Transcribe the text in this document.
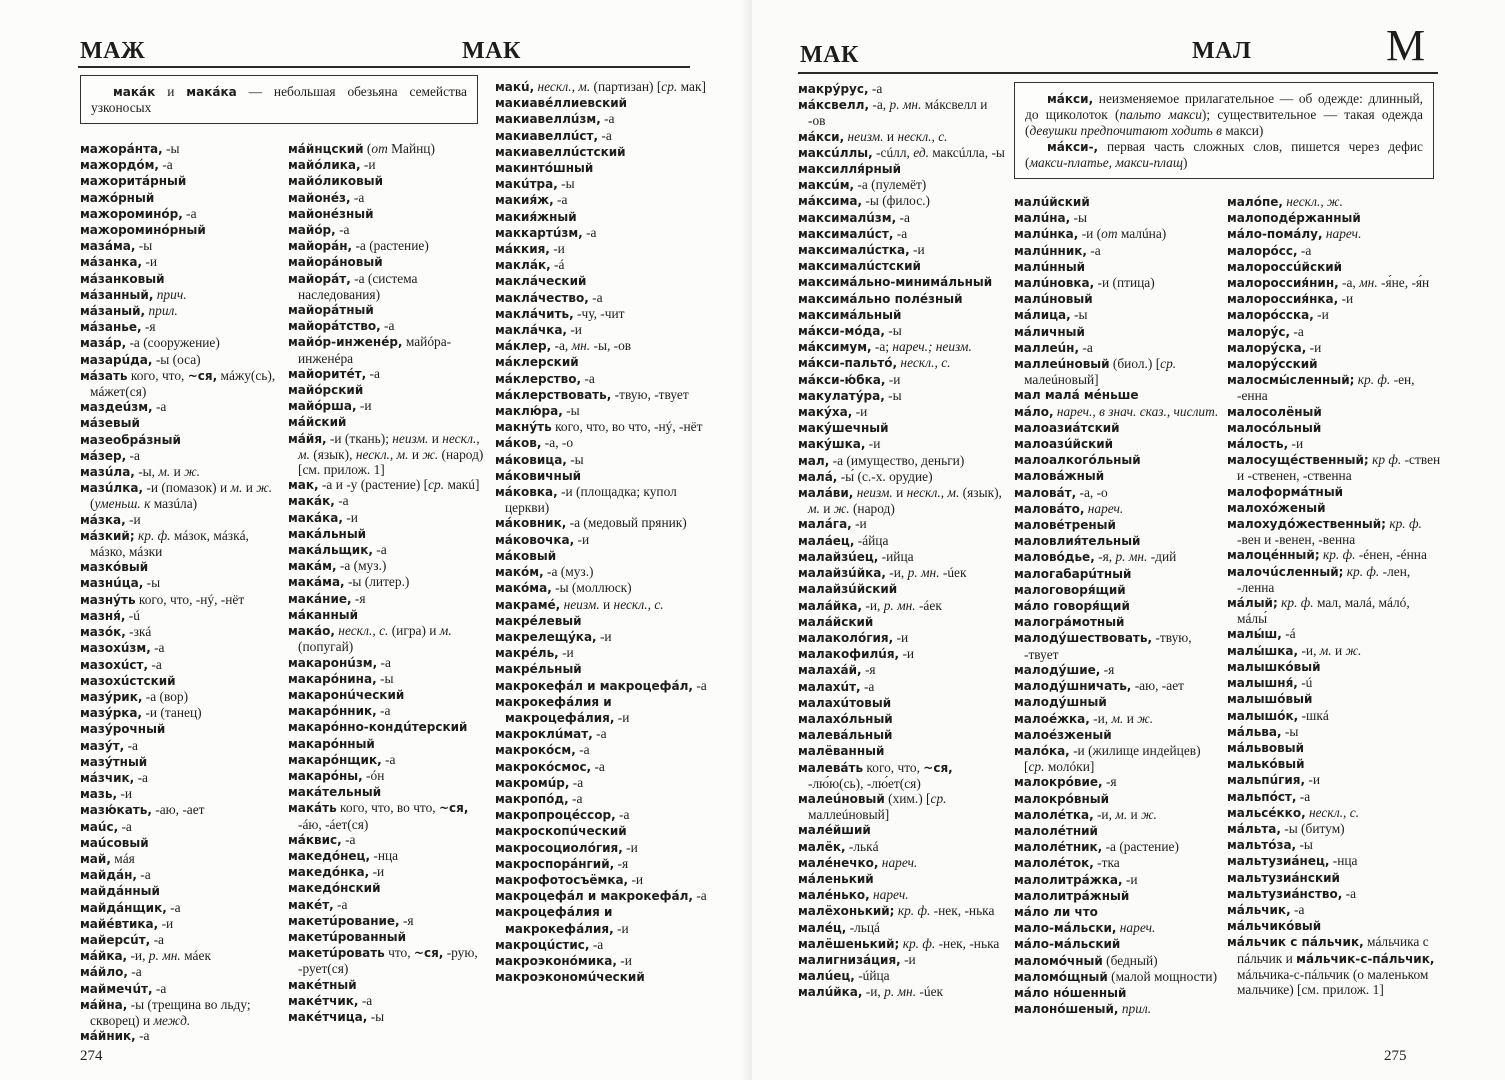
МАЖ	МАК

макáк и макáка — небольшая обезьяна семейства узконосых

мажорáнта, -ы
мажордóм, -а
мажоритáрный
мажóрный
мажороминóр, -а
мажороминóрный
мазáма, -ы
мáзанка, -и
мáзанковый
мáзанный, прич.
мáзаный, прил.
мáзанье, -я
мазáр, -а (сооружение)
мазарúда, -ы (оса)
мáзать кого, что, ~ся, мáжу(сь), мáжет(ся)
маздеúзм, -а
мáзевый
мазеобрáзный
мáзер, -а
мазúла, -ы, м. и ж.
мазúлка, -и (помазок) и м. и ж. (уменьш. к мазúла)
мáзка, -и
мáзкий; кр. ф. мáзок, мáзкá, мáзко, мáзки
мазкóвый
мазнúца, -ы
мазнýть кого, что, -нý, -нёт
мазня́, -ú
мазóк, -зкá
мазохúзм, -а
мазохúст, -а
мазохúстский
мазýрик, -а (вор)
мазýрка, -и (танец)
мазýрочный
мазýт, -а
мазýтный
мáзчик, -а
мазь, -и
мазю́кать, -аю, -ает
маúс, -а
маúсовый
май, мáя
майдáн, -а
майдáнный
майдáнщик, -а
майéвтика, -и
майерсúт, -а
мáйка, -и, р. мн. мáек
мáйло, -а
маймечúт, -а
мáйна, -ы (трещина во льду; скворец) и межд.
мáйник, -а
мáйнцский (от Майнц)
майóлика, -и
майóликовый
майонéз, -а
майонéзный
майóр, -а
майорáн, -а (растение)
майорáновый
майорáт, -а (система наследования)
майорáтный
майорáтство, -а
майóр-инженéр, майóра-инженéра
майоритéт, -а
майóрский
майóрша, -и
мáйский
мáйя, -и (ткань); неизм. и нескл., м. (язык), нескл., м. и ж. (народ) [см. прилож. 1]
мак, -а и -у (растение) [ср. макú]
макáк, -а
макáка, -и
макáльный
макáльщик, -а
макáм, -а (муз.)
макáма, -ы (литер.)
макáние, -я
мáканный
макáо, нескл., с. (игра) и м. (попугай)
макаронúзм, -а
макарóнина, -ы
макаронúческий
макарóнник, -а
макарóнно-кондúтерский
макарóнный
макарóнщик, -а
макарóны, -óн
макáтельный
макáть кого, что, во что, ~ся, -áю, -áет(ся)
мáквис, -а
македóнец, -нца
македóнка, -и
македóнский
макéт, -а
макетúрование, -я
макетúрованный
макетúровать что, ~ся, -рую, -рует(ся)
макéтный
макéтчик, -а
макéтчица, -ы
макú, нескл., м. (партизан) [ср. мак]
макиавéллиевский
макиавеллúзм, -а
макиавеллúст, -а
макиавеллúстский
макинтóшный
макúтра, -ы
макия́ж, -а
макия́жный
маккартúзм, -а
мáккия, -и
маклáк, -á
маклáческий
маклáчество, -а
маклáчить, -чу, -чит
маклáчка, -и
мáклер, -а, мн. -ы, -ов
мáклерский
мáклерство, -а
мáклерствовать, -твую, -твует
маклю́ра, -ы
макнýть кого, что, во что, -нý, -нёт
мáков, -а, -о
мáковица, -ы
мáковичный
мáковка, -и (площадка; купол церкви)
мáковник, -а (медовый пряник)
мáковочка, -и
мáковый
макóм, -а (муз.)
макóма, -ы (моллюск)
макрамé, неизм. и нескл., с.
макрéлевый
макрелещýка, -и
макрéль, -и
макрéльный
макрокефáл и макроцефáл, -а
макрокефáлия и макроцефáлия, -и
макроклúмат, -а
макрокóсм, -а
макрокóсмос, -а
макромúр, -а
макропóд, -а
макропроцéссор, -а
макроскопúческий
макросоциолóгия, -и
макроспорáнгий, -я
макрофотосъёмка, -и
макроцефáл и макрокефáл, -а
макроцефáлия и макрокефáлия, -и
макроцúстис, -а
макроэконóмика, -и
макроэкономúческий
274
МАК	МАЛ	М

мáкси, неизменяемое прилагательное — об одежде: длинный, до щиколоток (пальто макси); существительное — такая одежда (девушки предпочитают ходить в макси)

мáкси-, первая часть сложных слов, пишется через дефис (макси-платье, макси-плащ)

макрýрус, -а
мáксвелл, -а, р. мн. мáксвелл и -ов
мáкси, неизм. и нескл., с.
максúллы, -сúлл, ед. максúлла, -ы
максилля́рный
максúм, -а (пулемёт)
мáксима, -ы (филос.)
максималúзм, -а
максималúст, -а
максималúстка, -и
максималúстский
максимáльно-минимáльный
максимáльно полéзный
максимáльный
мáкси-мóда, -ы
мáксимум, -а; нареч.; неизм.
мáкси-пальтó, нескл., с.
мáкси-ю́бка, -и
макулатýра, -ы
макýха, -и
макýшечный
макýшка, -и
мал, -а (имущество, деньги)
малá, -ы́ (с.-х. орудие)
малáви, неизм. и нескл., м. (язык), м. и ж. (народ)
малáга, -и
малáец, -áйца
малайзúец, -ийца
малайзúйка, -и, р. мн. -úек
малайзúйский
малáйка, -и, р. мн. -áек
малáйский
малаколóгия, -и
малакофилúя, -и
малахáй, -я
малахúт, -а
малахúтовый
малахóльный
малевáльный
малёванный
малевáть кого, что, ~ся, -лю́ю(сь), -лю́ет(ся)
малеúновый (хим.) [ср. маллеúновый]
малéйший
малёк, -лькá
малéнечко, нареч.
мáленький
малéнько, нареч.
малёхонький; кр. ф. -нек, -нька
малéц, -льцá
малёшенький; кр. ф. -нек, -нька
малигнизáция, -и
малúец, -úйца
малúйка, -и, р. мн. -úек
малúйский
малúна, -ы
малúнка, -и (от малúна)
малúнник, -а
малúнный
малúновка, -и (птица)
малúновый
мáлица, -ы
мáличный
маллеúн, -а
маллеúновый (биол.) [ср. малеúновый]
мал малá мéньше
мáло, нареч., в знач. сказ., числит.
малоазиáтский
малоазúйский
малоалкогóльный
маловáжный
маловáт, -а, -о
маловáто, нареч.
маловéтреный
маловлия́тельный
маловóдье, -я, р. мн. -дий
малогабарúтный
малоговоря́щий
мáло говоря́щий
малогрáмотный
малодýшествовать, -твую, -твует
малодýшие, -я
малодýшничать, -аю, -ает
малодýшный
малоéжка, -и, м. и ж.
малоéзженый
малóка, -и (жилище индейцев) [ср. молóки]
малокрóвие, -я
малокрóвный
малолéтка, -и, м. и ж.
малолéтний
малолéтник, -а (растение)
малолéток, -тка
малолитрáжка, -и
малолитрáжный
мáло ли что
мало-мáльски, нареч.
мáло-мáльский
маломóчный (бедный)
маломóщный (малой мощности)
мáло нóшенный
малонóшеный, прил.
малóпе, нескл., ж.
малоподéржанный
мáло-помáлу, нареч.
малорóсс, -а
малороссúйский
малороссия́нин, -а, мн. -я́не, -я́н
малороссия́нка, -и
малорóсска, -и
малорýс, -а
малорýска, -и
малорýсский
малосмы́сленный; кр. ф. -ен, -енна
малосолёный
малосóльный
мáлость, -и
малосущéственный; кр ф. -ствен и -ственен, -ственна
малоформáтный
малохóженый
малохудóжественный; кр. ф. -вен и -венен, -венна
малоцéнный; кр. ф. -éнен, -éнна
малочúсленный; кр. ф. -лен, -ленна
мáлый; кр. ф. мал, малá, мáлó, мáлы́
малы́ш, -á
малы́шка, -и, м. и ж.
малышкóвый
малышня́, -ú
малышóвый
малышóк, -шкá
мáльва, -ы
мáльвовый
малькóвый
мальпúгия, -и
мальпóст, -а
мальсéкко, нескл., с.
мáльта, -ы (битум)
мальтóза, -ы
мальтузиáнец, -нца
мальтузиáнский
мальтузиáнство, -а
мáльчик, -а
мáльчикóвый
мáльчик с пáльчик, мáльчика с пáльчик и мáльчик-с-пáльчик, мáльчика-с-пáльчик (о маленьком мальчике) [см. прилож. 1]
275
